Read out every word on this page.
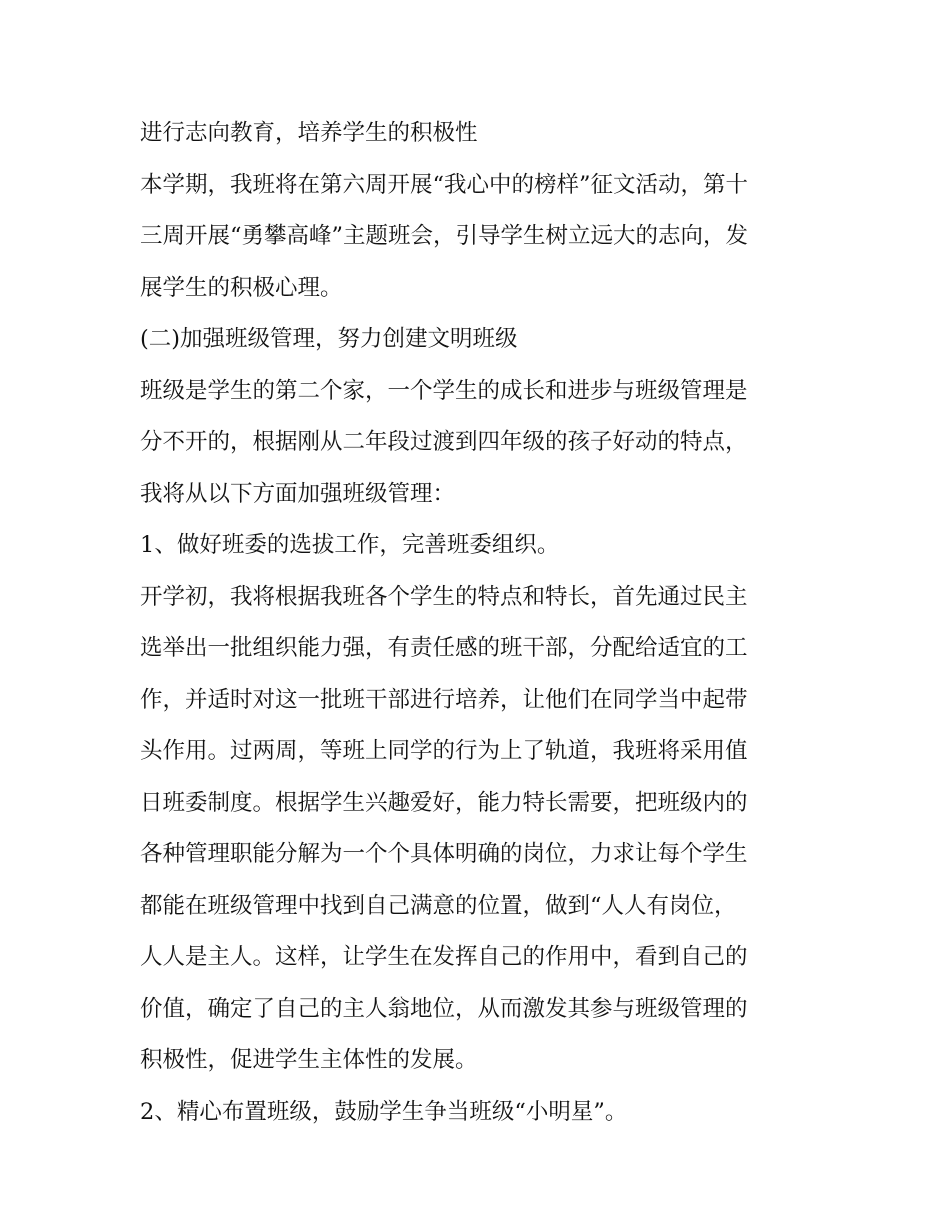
进行志向教育，培养学生的积极性
本学期，我班将在第六周开展“我心中的榜样”征文活动，第十
三周开展“勇攀高峰”主题班会，引导学生树立远大的志向，发
展学生的积极心理。
(二)加强班级管理，努力创建文明班级
班级是学生的第二个家，一个学生的成长和进步与班级管理是
分不开的，根据刚从二年段过渡到四年级的孩子好动的特点，
我将从以下方面加强班级管理：
1、做好班委的选拔工作，完善班委组织。
开学初，我将根据我班各个学生的特点和特长，首先通过民主
选举出一批组织能力强，有责任感的班干部，分配给适宜的工
作，并适时对这一批班干部进行培养，让他们在同学当中起带
头作用。过两周，等班上同学的行为上了轨道，我班将采用值
日班委制度。根据学生兴趣爱好，能力特长需要，把班级内的
各种管理职能分解为一个个具体明确的岗位，力求让每个学生
都能在班级管理中找到自己满意的位置，做到“人人有岗位，
人人是主人。这样，让学生在发挥自己的作用中，看到自己的
价值，确定了自己的主人翁地位，从而激发其参与班级管理的
积极性，促进学生主体性的发展。
2、精心布置班级，鼓励学生争当班级“小明星”。
